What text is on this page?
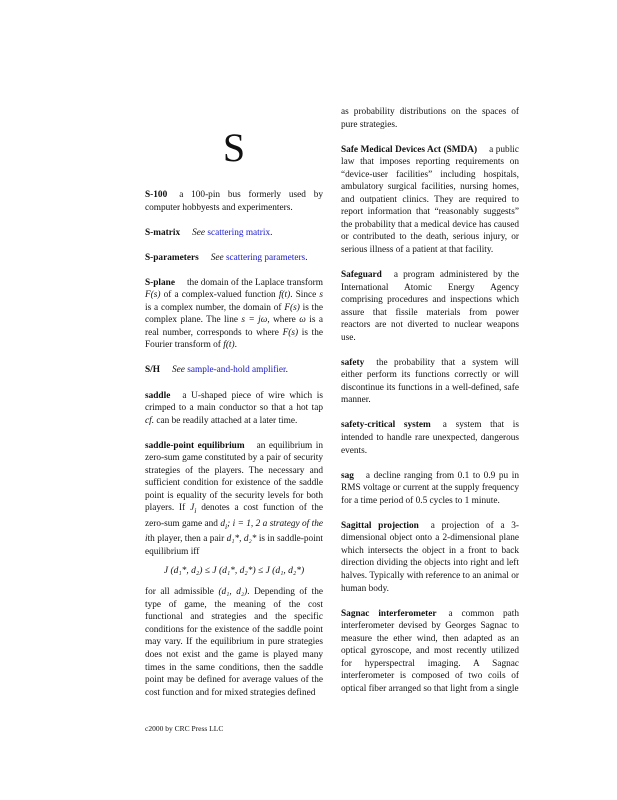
S

S-100 a 100-pin bus formerly used by computer hobbyests and experimenters.

S-matrix See scattering matrix.

S-parameters See scattering parameters.

S-plane the domain of the Laplace transform F(s) of a complex-valued function f(t). Since s is a complex number, the domain of F(s) is the complex plane. The line s = jω, where ω is a real number, corresponds to where F(s) is the Fourier transform of f(t).

S/H See sample-and-hold amplifier.

saddle a U-shaped piece of wire which is crimped to a main conductor so that a hot tap cf. can be readily attached at a later time.

saddle-point equilibrium an equilibrium in zero-sum game constituted by a pair of security strategies of the players. The necessary and sufficient condition for existence of the saddle point is equality of the security levels for both players. If $J_i$ denotes a cost function of the zero-sum game and $d_i$; i = 1, 2 a strategy of the ith player, then a pair d₁*, d₂* is in saddle-point equilibrium iff

J (d₁*, d₂) ≤ J (d₁*, d₂*) ≤ J (d₁, d₂*)

for all admissible (d₁, d₂). Depending of the type of game, the meaning of the cost functional and strategies and the specific conditions for the existence of the saddle point may vary. If the equilibrium in pure strategies does not exist and the game is played many times in the same conditions, then the saddle point may be defined for average values of the cost function and for mixed strategies defined

as probability distributions on the spaces of pure strategies.

Safe Medical Devices Act (SMDA) a public law that imposes reporting requirements on “device-user facilities” including hospitals, ambulatory surgical facilities, nursing homes, and outpatient clinics. They are required to report information that “reasonably suggests” the probability that a medical device has caused or contributed to the death, serious injury, or serious illness of a patient at that facility.

Safeguard a program administered by the International Atomic Energy Agency comprising procedures and inspections which assure that fissile materials from power reactors are not diverted to nuclear weapons use.

safety the probability that a system will either perform its functions correctly or will discontinue its functions in a well-defined, safe manner.

safety-critical system a system that is intended to handle rare unexpected, dangerous events.

sag a decline ranging from 0.1 to 0.9 pu in RMS voltage or current at the supply frequency for a time period of 0.5 cycles to 1 minute.

Sagittal projection a projection of a 3-dimensional object onto a 2-dimensional plane which intersects the object in a front to back direction dividing the objects into right and left halves. Typically with reference to an animal or human body.

Sagnac interferometer a common path interferometer devised by Georges Sagnac to measure the ether wind, then adapted as an optical gyroscope, and most recently utilized for hyperspectral imaging. A Sagnac interferometer is composed of two coils of optical fiber arranged so that light from a single

c2000 by CRC Press LLC
